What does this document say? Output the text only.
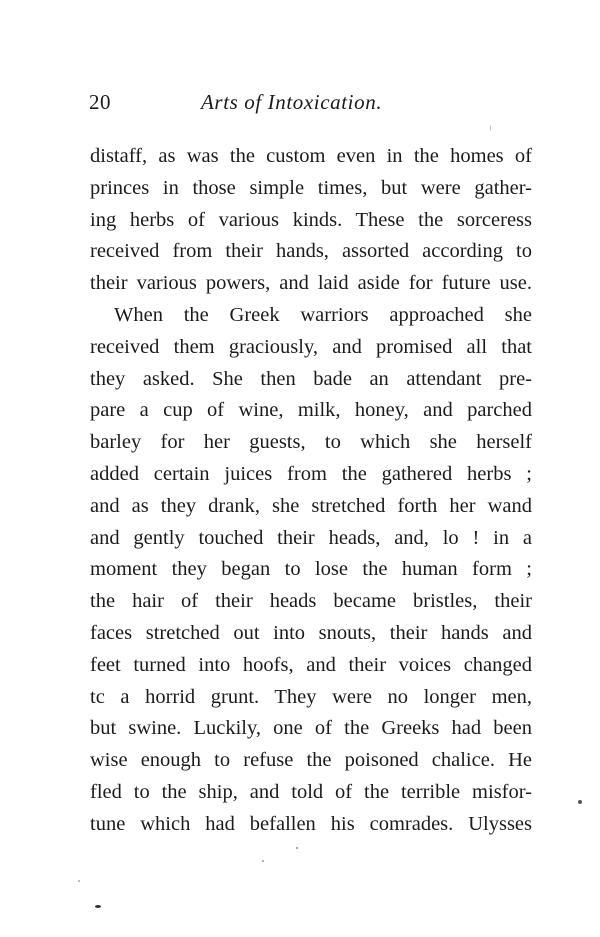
20	Arts of Intoxication.
distaff, as was the custom even in the homes of
princes in those simple times, but were gather-
ing herbs of various kinds. These the sorceress
received from their hands, assorted according to
their various powers, and laid aside for future use.
When the Greek warriors approached she
received them graciously, and promised all that
they asked. She then bade an attendant pre-
pare a cup of wine, milk, honey, and parched
barley for her guests, to which she herself
added certain juices from the gathered herbs ;
and as they drank, she stretched forth her wand
and gently touched their heads, and, lo ! in a
moment they began to lose the human form ;
the hair of their heads became bristles, their
faces stretched out into snouts, their hands and
feet turned into hoofs, and their voices changed
tc a horrid grunt. They were no longer men,
but swine. Luckily, one of the Greeks had been
wise enough to refuse the poisoned chalice. He
fled to the ship, and told of the terrible misfor-
tune which had befallen his comrades. Ulysses
